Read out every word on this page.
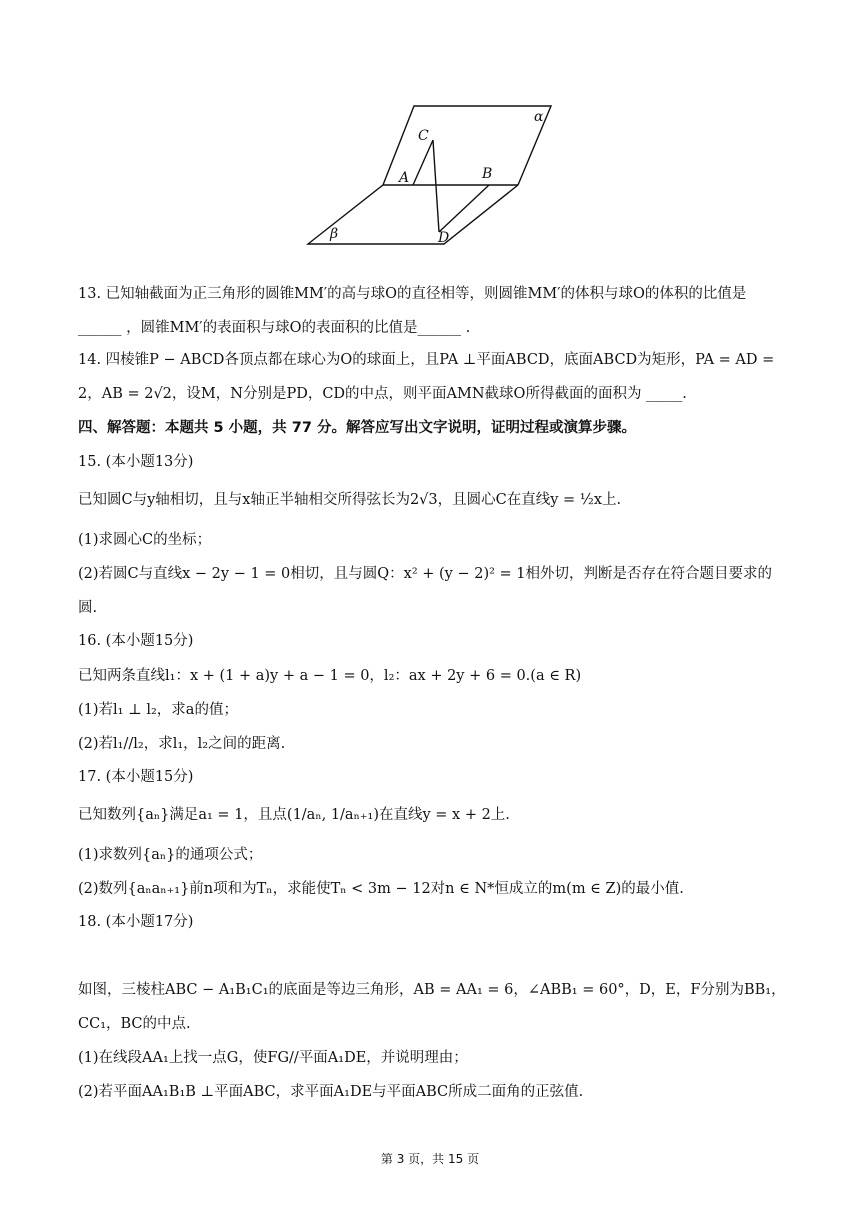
C
α
A	B
β	D
13. 已知轴截面为正三角形的圆锥MM′的高与球O的直径相等，则圆锥MM′的体积与球O的体积的比值是
______ ，圆锥MM′的表面积与球O的表面积的比值是______ .
14. 四棱锥P − ABCD各顶点都在球心为O的球面上，且PA ⊥平面ABCD，底面ABCD为矩形，PA = AD =
2，AB = 2√2，设M，N分别是PD，CD的中点，则平面AMN截球O所得截面的面积为 _____.
四、解答题：本题共 5 小题，共 77 分。解答应写出文字说明，证明过程或演算步骤。
15. (本小题13分)
已知圆C与y轴相切，且与x轴正半轴相交所得弦长为2√3，且圆心C在直线y = ½x上.
(1)求圆心C的坐标；
(2)若圆C与直线x − 2y − 1 = 0相切，且与圆Q：x² + (y − 2)² = 1相外切，判断是否存在符合题目要求的
圆.
16. (本小题15分)
已知两条直线l₁：x + (1 + a)y + a − 1 = 0，l₂：ax + 2y + 6 = 0.(a ∈ R)
(1)若l₁ ⊥ l₂，求a的值；
(2)若l₁//l₂，求l₁，l₂之间的距离.
17. (本小题15分)
已知数列{aₙ}满足a₁ = 1，且点(1/aₙ, 1/aₙ₊₁)在直线y = x + 2上.
(1)求数列{aₙ}的通项公式；
(2)数列{aₙaₙ₊₁}前n项和为Tₙ，求能使Tₙ < 3m − 12对n ∈ N*恒成立的m(m ∈ Z)的最小值.
18. (本小题17分)
如图，三棱柱ABC − A₁B₁C₁的底面是等边三角形，AB = AA₁ = 6，∠ABB₁ = 60°，D，E，F分别为BB₁，
CC₁，BC的中点.
(1)在线段AA₁上找一点G，使FG//平面A₁DE，并说明理由；
(2)若平面AA₁B₁B ⊥平面ABC，求平面A₁DE与平面ABC所成二面角的正弦值.
第 3 页，共 15 页
